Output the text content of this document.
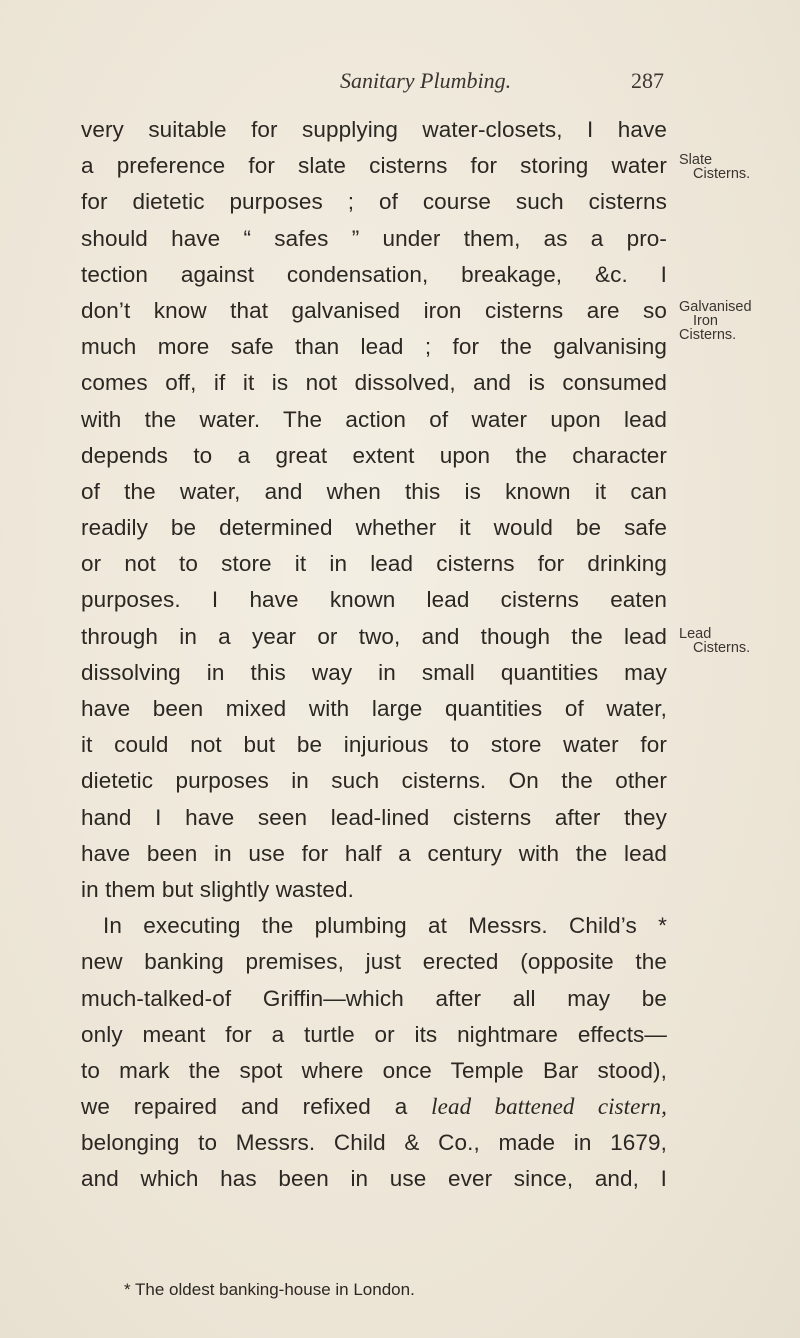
Sanitary Plumbing.	287
very suitable for supplying water-closets, I have
a preference for slate cisterns for storing water
for dietetic purposes ; of course such cisterns
should have “ safes ” under them, as a pro-
tection against condensation, breakage, &c. I
don’t know that galvanised iron cisterns are so
much more safe than lead ; for the galvanising
comes off, if it is not dissolved, and is consumed
with the water. The action of water upon lead
depends to a great extent upon the character
of the water, and when this is known it can
readily be determined whether it would be safe
or not to store it in lead cisterns for drinking
purposes. I have known lead cisterns eaten
through in a year or two, and though the lead
dissolving in this way in small quantities may
have been mixed with large quantities of water,
it could not but be injurious to store water for
dietetic purposes in such cisterns. On the other
hand I have seen lead-lined cisterns after they
have been in use for half a century with the lead
in them but slightly wasted.
In executing the plumbing at Messrs. Child’s *
new banking premises, just erected (opposite the
much-talked-of Griffin—which after all may be
only meant for a turtle or its nightmare effects—
to mark the spot where once Temple Bar stood),
we repaired and refixed a lead battened cistern,
belonging to Messrs. Child & Co., made in 1679,
and which has been in use ever since, and, I
Slate
Cisterns.
Galvanised
Iron
Cisterns.
Lead
Cisterns.
* The oldest banking-house in London.
